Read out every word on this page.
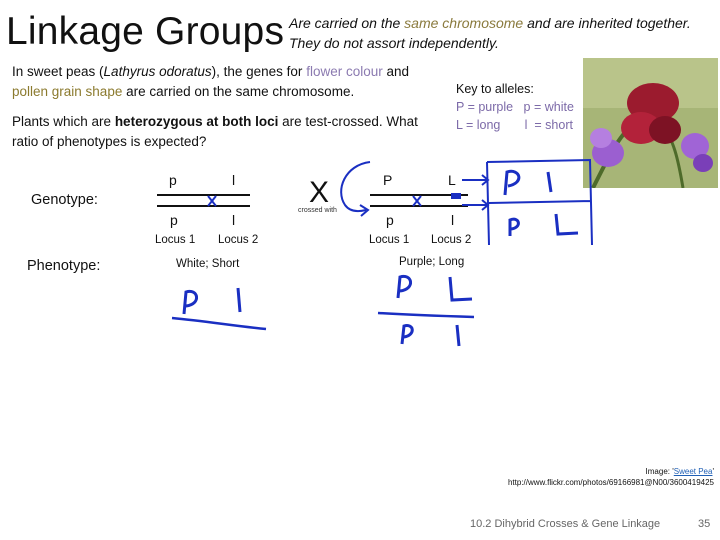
Linkage Groups Are carried on the same chromosome and are inherited together. They do not assort independently.
In sweet peas (Lathyrus odoratus), the genes for flower colour and pollen grain shape are carried on the same chromosome.	Key to alleles:
P = purple   p = white
L = long       l  = short
Plants which are heterozygous at both loci are test-crossed. What ratio of phenotypes is expected?
Genotype:
Phenotype:
p	l
p	l
Locus 1 Locus 2
White; Short
X
crossed with
P	L
p	l
Locus 1 Locus 2
Purple; Long
Image: 'Sweet Pea'
http://www.flickr.com/photos/69166981@N00/3600419425
10.2 Dihybrid Crosses & Gene Linkage	35
